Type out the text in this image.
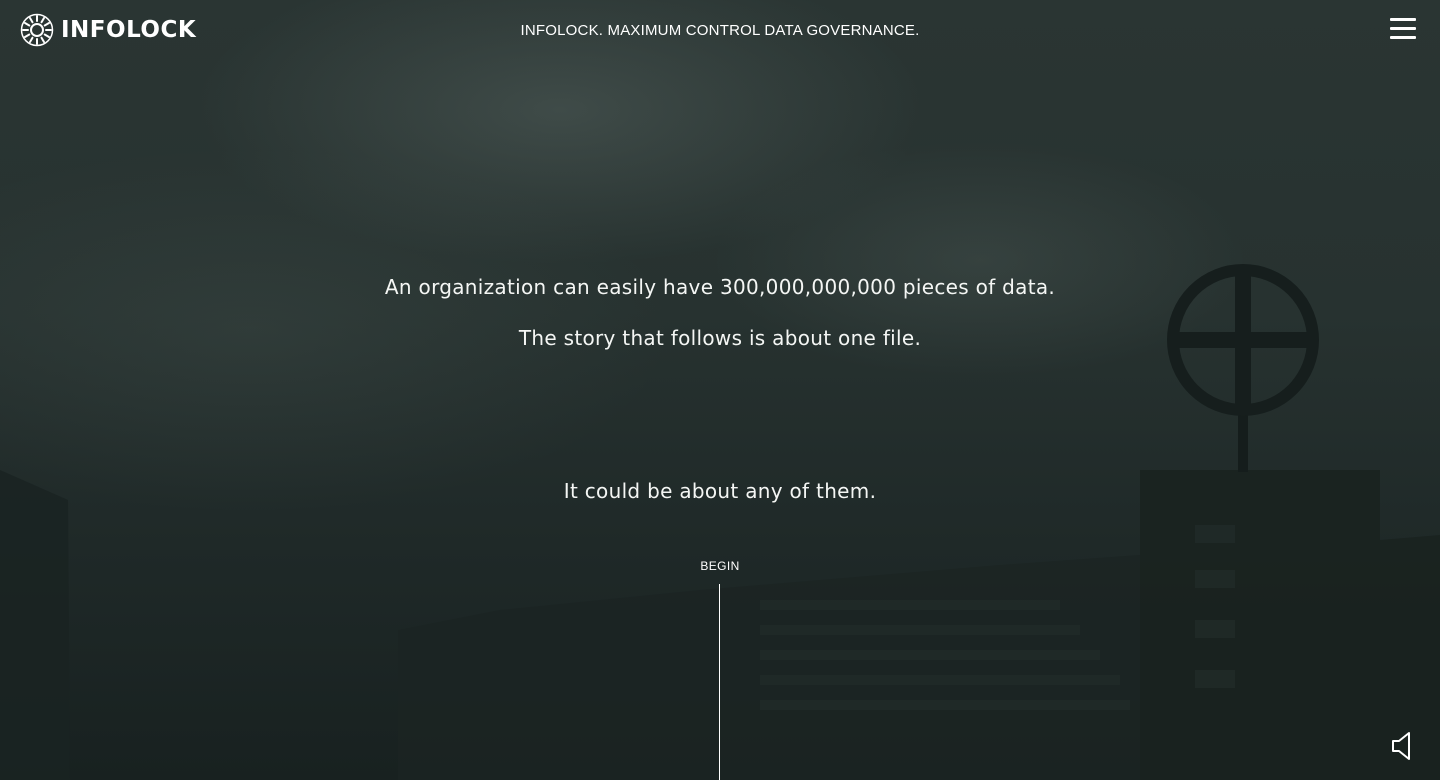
INFOLOCK	INFOLOCK. MAXIMUM CONTROL DATA GOVERNANCE.
An organization can easily have 300,000,000,000 pieces of data.
The story that follows is about one file.
It could be about any of them.
BEGIN
